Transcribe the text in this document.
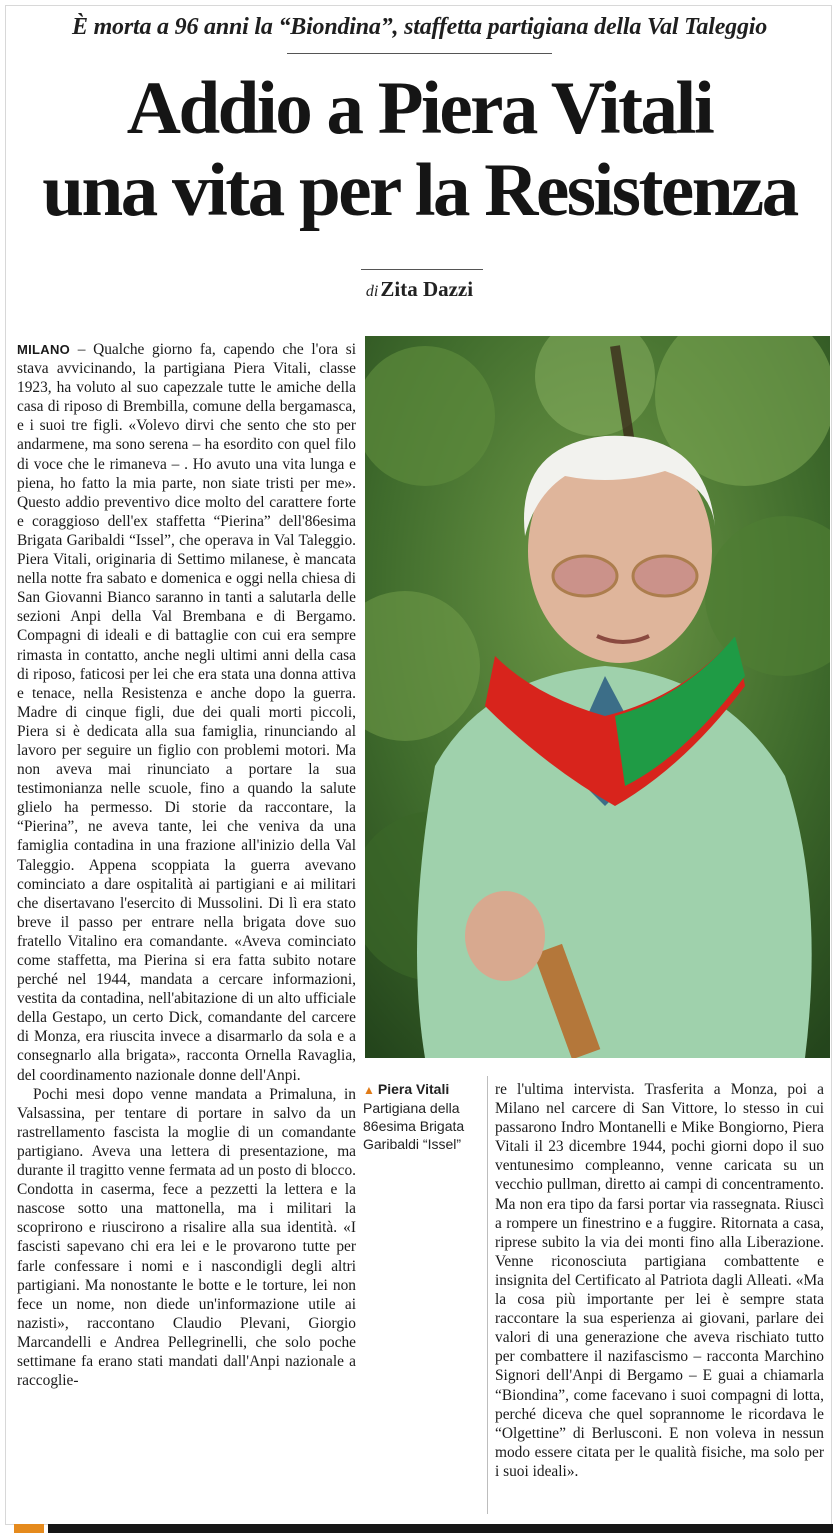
È morta a 96 anni la “Biondina”, staffetta partigiana della Val Taleggio
Addio a Piera Vitali
una vita per la Resistenza
diZita Dazzi

MILANO – Qualche giorno fa, capendo che l'ora si stava avvicinando, la partigiana Piera Vitali, classe 1923, ha voluto al suo capezzale tutte le amiche della casa di riposo di Brembilla, comune della bergamasca, e i suoi tre figli. «Volevo dirvi che sento che sto per andarmene, ma sono serena – ha esordito con quel filo di voce che le rimaneva – . Ho avuto una vita lunga e piena, ho fatto la mia parte, non siate tristi per me». Questo addio preventivo dice molto del carattere forte e coraggioso dell'ex staffetta “Pierina” dell'86esima Brigata Garibaldi “Issel”, che operava in Val Taleggio. Piera Vitali, originaria di Settimo milanese, è mancata nella notte fra sabato e domenica e oggi nella chiesa di San Giovanni Bianco saranno in tanti a salutarla delle sezioni Anpi della Val Brembana e di Bergamo. Compagni di ideali e di battaglie con cui era sempre rimasta in contatto, anche negli ultimi anni della casa di riposo, faticosi per lei che era stata una donna attiva e tenace, nella Resistenza e anche dopo la guerra. Madre di cinque figli, due dei quali morti piccoli, Piera si è dedicata alla sua famiglia, rinunciando al lavoro per seguire un figlio con problemi motori. Ma non aveva mai rinunciato a portare la sua testimonianza nelle scuole, fino a quando la salute glielo ha permesso. Di storie da raccontare, la “Pierina”, ne aveva tante, lei che veniva da una famiglia contadina in una frazione all'inizio della Val Taleggio. Appena scoppiata la guerra avevano cominciato a dare ospitalità ai partigiani e ai militari che disertavano l'esercito di Mussolini. Di lì era stato breve il passo per entrare nella brigata dove suo fratello Vitalino era comandante. «Aveva cominciato come staffetta, ma Pierina si era fatta subito notare perché nel 1944, mandata a cercare informazioni, vestita da contadina, nell'abitazione di un alto ufficiale della Gestapo, un certo Dick, comandante del carcere di Monza, era riuscita invece a disarmarlo da sola e a consegnarlo alla brigata», racconta Ornella Ravaglia, del coordinamento nazionale donne dell'Anpi.

Pochi mesi dopo venne mandata a Primaluna, in Valsassina, per tentare di portare in salvo da un rastrellamento fascista la moglie di un comandante partigiano. Aveva una lettera di presentazione, ma durante il tragitto venne fermata ad un posto di blocco. Condotta in caserma, fece a pezzetti la lettera e la nascose sotto una mattonella, ma i militari la scoprirono e riuscirono a risalire alla sua identità. «I fascisti sapevano chi era lei e le provarono tutte per farle confessare i nomi e i nascondigli degli altri partigiani. Ma nonostante le botte e le torture, lei non fece un nome, non diede un'informazione utile ai nazisti», raccontano Claudio Plevani, Giorgio Marcandelli e Andrea Pellegrinelli, che solo poche settimane fa erano stati mandati dall'Anpi nazionale a raccoglie-

▲ Piera Vitali
Partigiana della 86esima Brigata Garibaldi “Issel”

re l'ultima intervista. Trasferita a Monza, poi a Milano nel carcere di San Vittore, lo stesso in cui passarono Indro Montanelli e Mike Bongiorno, Piera Vitali il 23 dicembre 1944, pochi giorni dopo il suo ventunesimo compleanno, venne caricata su un vecchio pullman, diretto ai campi di concentramento. Ma non era tipo da farsi portar via rassegnata. Riuscì a rompere un finestrino e a fuggire. Ritornata a casa, riprese subito la via dei monti fino alla Liberazione. Venne riconosciuta partigiana combattente e insignita del Certificato al Patriota dagli Alleati. «Ma la cosa più importante per lei è sempre stata raccontare la sua esperienza ai giovani, parlare dei valori di una generazione che aveva rischiato tutto per combattere il nazifascismo – racconta Marchino Signori dell'Anpi di Bergamo – E guai a chiamarla “Biondina”, come facevano i suoi compagni di lotta, perché diceva che quel soprannome le ricordava le “Olgettine” di Berlusconi. E non voleva in nessun modo essere citata per le qualità fisiche, ma solo per i suoi ideali».
